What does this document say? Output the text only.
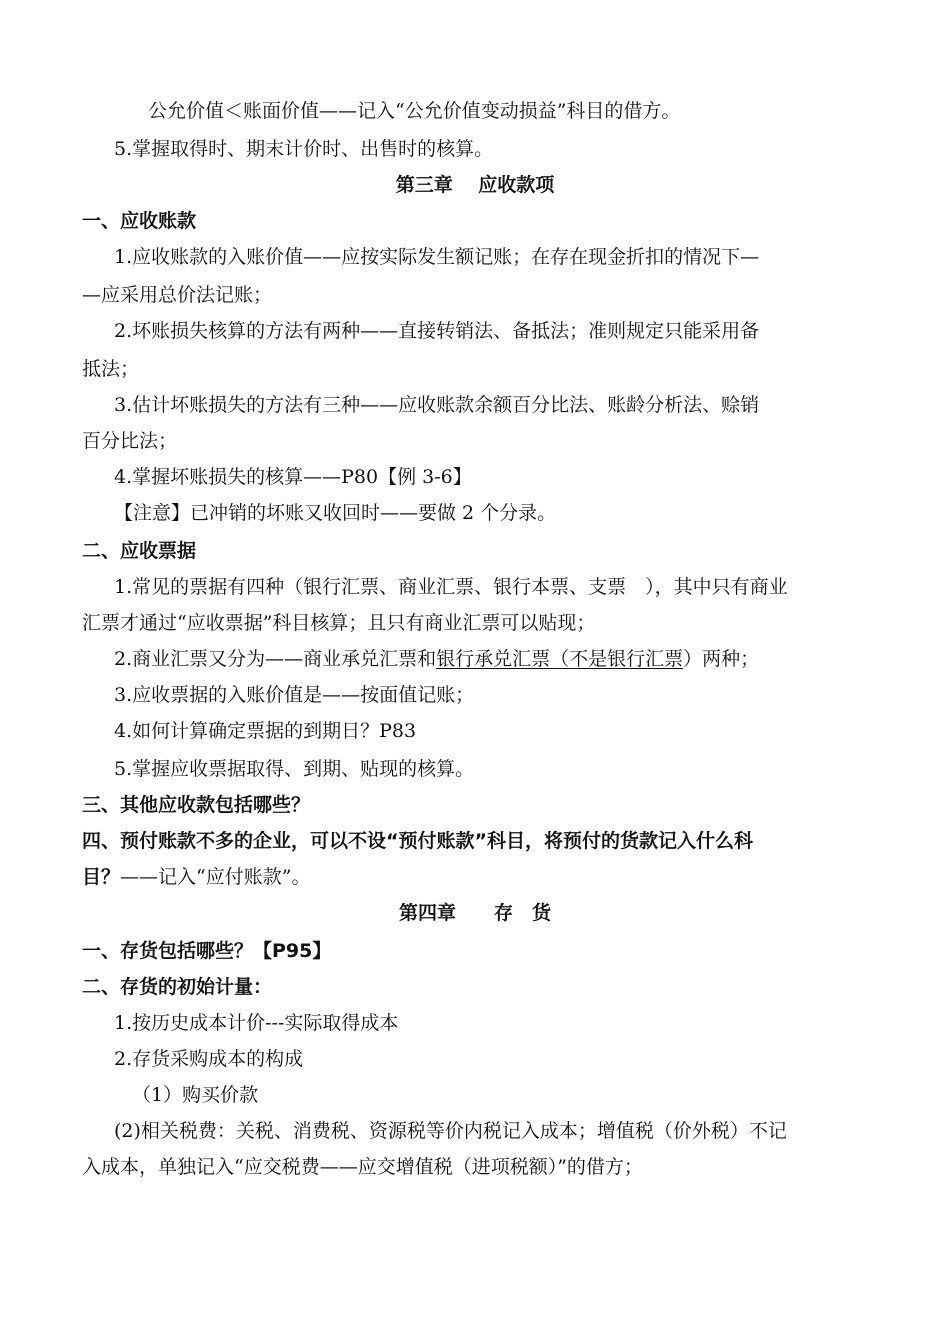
公允价值＜账面价值——记入“公允价值变动损益”科目的借方。
5.掌握取得时、期末计价时、出售时的核算。
第三章　 应收款项
一、应收账款
1.应收账款的入账价值——应按实际发生额记账；在存在现金折扣的情况下—
—应采用总价法记账；
2.坏账损失核算的方法有两种——直接转销法、备抵法；准则规定只能采用备
抵法；
3.估计坏账损失的方法有三种——应收账款余额百分比法、账龄分析法、赊销
百分比法；
4.掌握坏账损失的核算——P80【例 3-6】
【注意】已冲销的坏账又收回时——要做 2 个分录。
二、应收票据
1.常见的票据有四种（银行汇票、商业汇票、银行本票、支票　），其中只有商业
汇票才通过“应收票据”科目核算；且只有商业汇票可以贴现；
2.商业汇票又分为——商业承兑汇票和银行承兑汇票（不是银行汇票）两种；
3.应收票据的入账价值是——按面值记账；
4.如何计算确定票据的到期日？P83
5.掌握应收票据取得、到期、贴现的核算。
三、其他应收款包括哪些？
四、预付账款不多的企业，可以不设“预付账款”科目，将预付的货款记入什么科
目？——记入“应付账款”。
第四章　　存　货
一、存货包括哪些？【P95】
二、存货的初始计量：
1.按历史成本计价---实际取得成本
2.存货采购成本的构成
（1）购买价款
(2)相关税费：关税、消费税、资源税等价内税记入成本；增值税（价外税）不记
入成本，单独记入“应交税费——应交增值税（进项税额）”的借方；
